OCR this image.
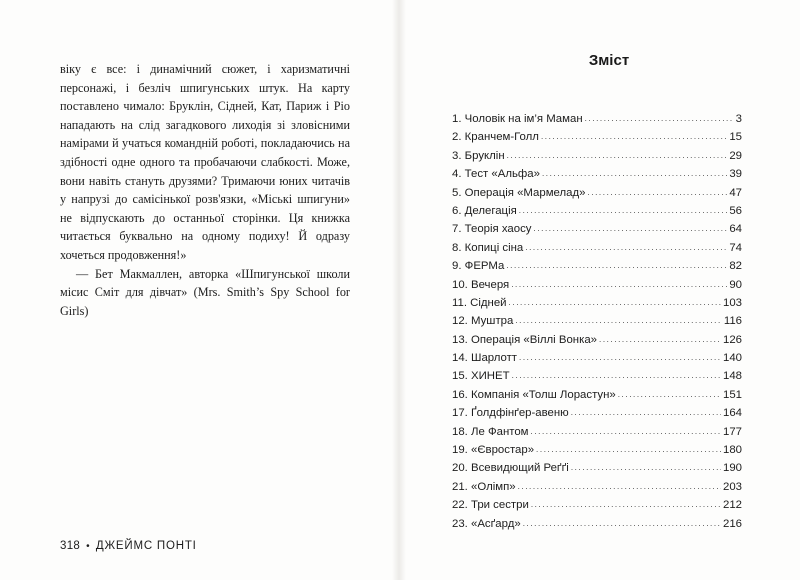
віку є все: і динамічний сюжет, і харизматичні персонажі, і безліч шпигунських штук. На карту поставлено чимало: Бруклін, Сідней, Кат, Париж і Ріо нападають на слід загадкового лиходія зі зловісними намірами й учаться командній роботі, покладаючись на здібності одне одного та пробачаючи слабкості. Може, вони навіть стануть друзями? Тримаючи юних читачів у напрузі до самісінької розв'язки, «Міські шпигуни» не відпускають до останньої сторінки. Ця книжка читається буквально на одному подиху! Й одразу хочеться продовження!»

— Бет Макмаллен, авторка «Шпигунської школи місис Сміт для дівчат» (Mrs. Smith’s Spy School for Girls)

318 • ДЖЕЙМС ПОНТІ
Зміст
1. Чоловік на ім’я Маман .....	3
2. Кранчем-Голл .....	15
3. Бруклін .....	29
4. Тест «Альфа» .....	39
5. Операція «Мармелад» .....	47
6. Делегація .....	56
7. Теорія хаосу .....	64
8. Копиці сіна .....	74
9. ФЕРМа .....	82
10. Вечеря .....	90
11. Сідней .....	103
12. Муштра .....	116
13. Операція «Віллі Вонка» .....	126
14. Шарлотт .....	140
15. ХИНЕТ .....	148
16. Компанія «Толш Лорастун» .....	151
17. Ґолдфінґер-авеню .....	164
18. Ле Фантом .....	177
19. «Євростар» .....	180
20. Всевидющий Реґґі .....	190
21. «Олімп» .....	203
22. Три сестри .....	212
23. «Асґард» .....	216
